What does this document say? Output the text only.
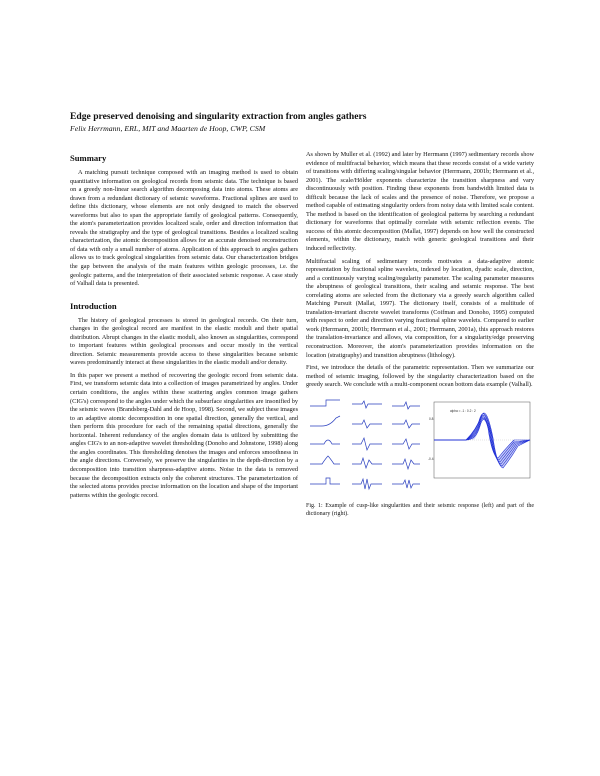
Edge preserved denoising and singularity extraction from angles gathers
Felix Herrmann, ERL, MIT and Maarten de Hoop, CWP, CSM
Summary

A matching pursuit technique composed with an imaging method is used to obtain quantitative information on geological records from seismic data. The technique is based on a greedy non-linear search algorithm decomposing data into atoms. These atoms are drawn from a redundant dictionary of seismic waveforms. Fractional splines are used to define this dictionary, whose elements are not only designed to match the observed waveforms but also to span the appropriate family of geological patterns. Consequently, the atom's parameterization provides localized scale, order and direction information that reveals the stratigraphy and the type of geological transitions. Besides a localized scaling characterization, the atomic decomposition allows for an accurate denoised reconstruction of data with only a small number of atoms. Application of this approach to angles gathers allows us to track geological singularities from seismic data. Our characterization bridges the gap between the analysis of the main features within geologic processes, i.e. the geologic patterns, and the interpretation of their associated seismic response. A case study of Valhall data is presented.

Introduction

The history of geological processes is stored in geological records. On their turn, changes in the geological record are manifest in the elastic moduli and their spatial distribution. Abrupt changes in the elastic moduli, also known as singularities, correspond to important features within geological processes and occur mostly in the vertical direction. Seismic measurements provide access to these singularities because seismic waves predominantly interact at these singularities in the elastic moduli and/or density.

In this paper we present a method of recovering the geologic record from seismic data. First, we transform seismic data into a collection of images parametrized by angles. Under certain conditions, the angles within these scattering angles common image gathers (CIG's) correspond to the angles under which the subsurface singularities are insonified by the seismic waves (Brandsberg-Dahl and de Hoop, 1998). Second, we subject these images to an adaptive atomic decomposition in one spatial direction, generally the vertical, and then perform this procedure for each of the remaining spatial directions, generally the horizontal. Inherent redundancy of the angles domain data is utilized by submitting the angles CIG's to an non-adaptive wavelet thresholding (Donoho and Johnstone, 1998) along the angles coordinates. This thresholding denoises the images and enforces smoothness in the angle directions. Conversely, we preserve the singularities in the depth-direction by a decomposition into transition sharpness-adaptive atoms. Noise in the data is removed because the decomposition extracts only the coherent structures. The parameterization of the selected atoms provides precise information on the location and shape of the important patterns within the geologic record.

As shown by Muller et al. (1992) and later by Herrmann (1997) sedimentary records show evidence of multifractal behavior, which means that these records consist of a wide variety of transitions with differing scaling/singular behavior (Herrmann, 2001b; Herrmann et al., 2001). The scale/Hölder exponents characterize the transition sharpness and vary discontinuously with position. Finding these exponents from bandwidth limited data is difficult because the lack of scales and the presence of noise. Therefore, we propose a method capable of estimating singularity orders from noisy data with limited scale content. The method is based on the identification of geological patterns by searching a redundant dictionary for waveforms that optimally correlate with seismic reflection events. The success of this atomic decomposition (Mallat, 1997) depends on how well the constructed elements, within the dictionary, match with generic geological transitions and their induced reflectivity.

Multifractal scaling of sedimentary records motivates a data-adaptive atomic representation by fractional spline wavelets, indexed by location, dyadic scale, direction, and a continuously varying scaling/regularity parameter. The scaling parameter measures the abruptness of geological transitions, their scaling and seismic response. The best correlating atoms are selected from the dictionary via a greedy search algorithm called Matching Pursuit (Mallat, 1997). The dictionary itself, consists of a multitude of translation-invariant discrete wavelet transforms (Coifman and Donoho, 1995) computed with respect to order and direction varying fractional spline wavelets. Compared to earlier work (Herrmann, 2001b; Herrmann et al., 2001; Herrmann, 2001a), this approach restores the translation-invariance and allows, via composition, for a singularity/edge preserving reconstruction. Moreover, the atom's parameterization provides information on the location (stratigraphy) and transition abruptness (lithology).

First, we introduce the details of the parametric representation. Then we summarize our method of seismic imaging, followed by the singularity characterization based on the greedy search. We conclude with a multi-component ocean bottom data example (Valhall).

0.8
-0.4
alpha = -1 : 0.2 : 2

Fig. 1: Example of cusp-like singularities and their seismic response (left) and part of the dictionary (right).
